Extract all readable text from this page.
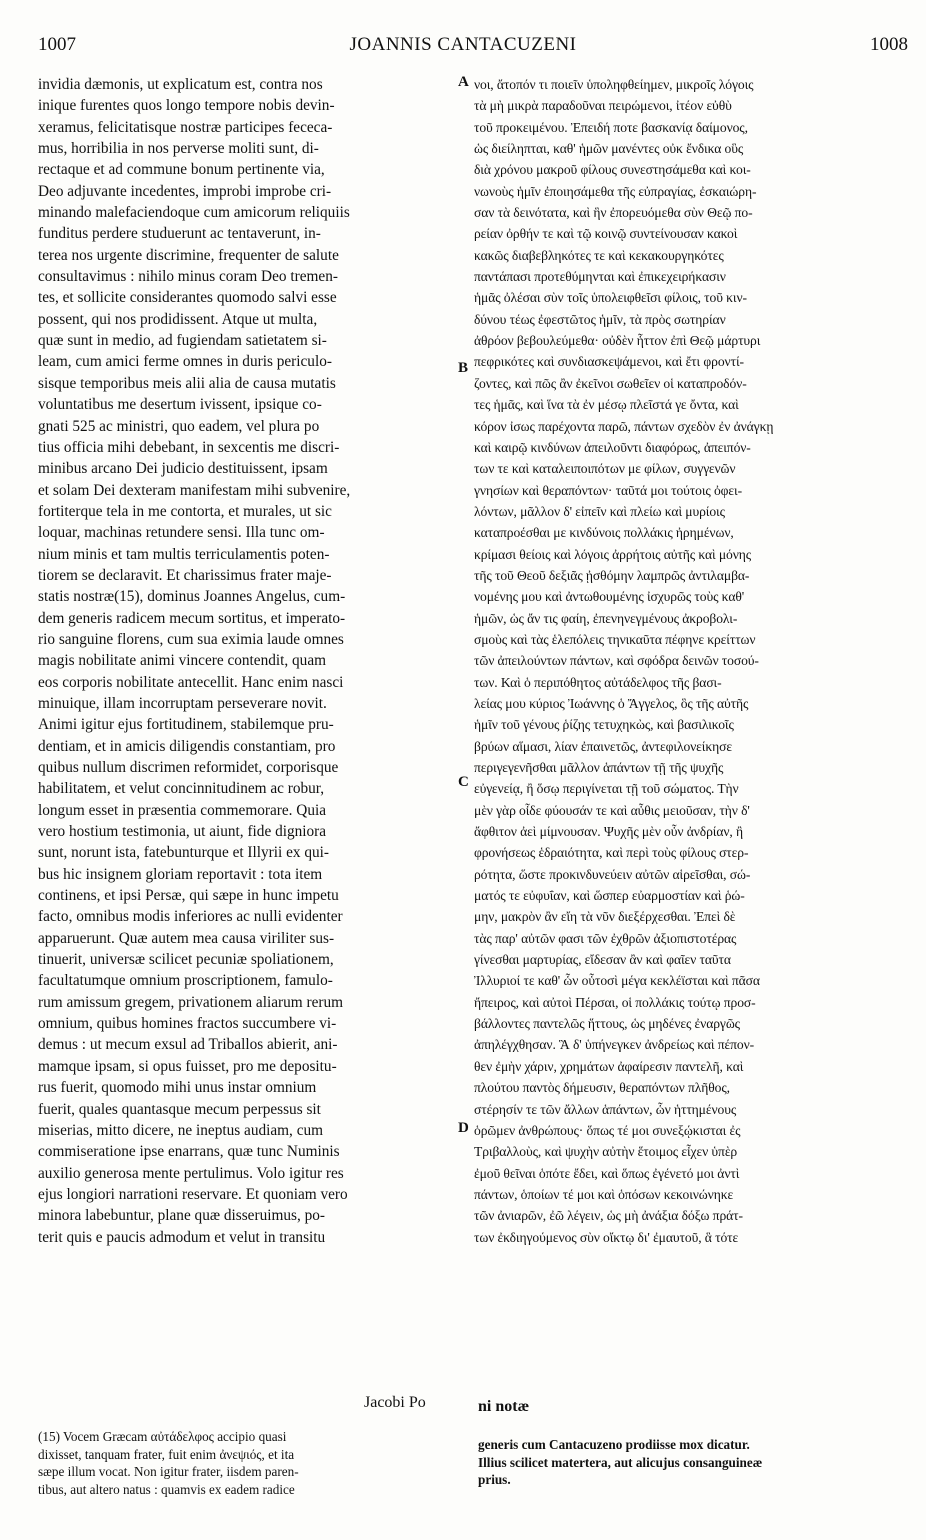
1007	JOANNIS CANTACUZENI	1008
A
B
C
D
invidia dæmonis, ut explicatum est, contra nos
inique furentes quos longo tempore nobis devin-
xeramus, felicitatisque nostræ participes fececa-
mus, horribilia in nos perverse moliti sunt, di-
rectaque et ad commune bonum pertinente via,
Deo adjuvante incedentes, improbi improbe cri-
minando malefaciendoque cum amicorum reliquiis
funditus perdere studuerunt ac tentaverunt, in-
terea nos urgente discrimine, frequenter de salute
consultavimus : nihilo minus coram Deo tremen-
tes, et sollicite considerantes quomodo salvi esse
possent, qui nos prodidissent. Atque ut multa,
quæ sunt in medio, ad fugiendam satietatem si-
leam, cum amici ferme omnes in duris periculo-
sisque temporibus meis alii alia de causa mutatis
voluntatibus me desertum ivissent, ipsique co-
gnati 525 ac ministri, quo eadem, vel plura po
tius officia mihi debebant, in sexcentis me discri-
minibus arcano Dei judicio destituissent, ipsam
et solam Dei dexteram manifestam mihi subvenire,
fortiterque tela in me contorta, et murales, ut sic
loquar, machinas retundere sensi. Illa tunc om-
nium minis et tam multis terriculamentis poten-
tiorem se declaravit. Et charissimus frater maje-
statis nostræ(15), dominus Joannes Angelus, cum-
dem generis radicem mecum sortitus, et imperato-
rio sanguine florens, cum sua eximia laude omnes
magis nobilitate animi vincere contendit, quam
eos corporis nobilitate antecellit. Hanc enim nasci
minuique, illam incorruptam perseverare novit.
Animi igitur ejus fortitudinem, stabilemque pru-
dentiam, et in amicis diligendis constantiam, pro
quibus nullum discrimen reformidet, corporisque
habilitatem, et velut concinnitudinem ac robur,
longum esset in præsentia commemorare. Quia
vero hostium testimonia, ut aiunt, fide digniora
sunt, norunt ista, fatebunturque et Illyrii ex qui-
bus hic insignem gloriam reportavit : tota item
continens, et ipsi Persæ, qui sæpe in hunc impetu
facto, omnibus modis inferiores ac nulli evidenter
apparuerunt. Quæ autem mea causa viriliter sus-
tinuerit, universæ scilicet pecuniæ spoliationem,
facultatumque omnium proscriptionem, famulo-
rum amissum gregem, privationem aliarum rerum
omnium, quibus homines fractos succumbere vi-
demus : ut mecum exsul ad Triballos abierit, ani-
mamque ipsam, si opus fuisset, pro me depositu-
rus fuerit, quomodo mihi unus instar omnium
fuerit, quales quantasque mecum perpessus sit
miserias, mitto dicere, ne ineptus audiam, cum
commiseratione ipse enarrans, quæ tunc Numinis
auxilio generosa mente pertulimus. Volo igitur res
ejus longiori narrationi reservare. Et quoniam vero
minora labebuntur, plane quæ disseruimus, po-
terit quis e paucis admodum et velut in transitu
νοι, ἄτοπόν τι ποιεῖν ὑποληφθείημεν, μικροῖς λόγοις
τὰ μὴ μικρὰ παραδοῦναι πειρώμενοι, ἰτέον εὐθὺ
τοῦ προκειμένου. Ἐπειδή ποτε βασκανίᾳ δαίμονος,
ὡς διείληπται, καθ' ἡμῶν μανέντες οὐκ ἔνδικα οὓς
διὰ χρόνου μακροῦ φίλους συνεστησάμεθα καὶ κοι-
νωνοὺς ἡμῖν ἐποιησάμεθα τῆς εὐπραγίας, ἐσκαιώρη-
σαν τὰ δεινότατα, καὶ ἣν ἐπορευόμεθα σὺν Θεῷ πο-
ρείαν ὀρθήν τε καὶ τῷ κοινῷ συντείνουσαν κακοὶ
κακῶς διαβεβληκότες τε καὶ κεκακουργηκότες
παντάπασι προτεθύμηνται καὶ ἐπικεχειρήκασιν
ἡμᾶς ὀλέσαι σὺν τοῖς ὑπολειφθεῖσι φίλοις, τοῦ κιν-
δύνου τέως ἐφεστῶτος ἡμῖν, τὰ πρὸς σωτηρίαν
ἀθρόον βεβουλεύμεθα· οὐδὲν ἧττον ἐπὶ Θεῷ μάρτυρι
πεφρικότες καὶ συνδιασκεψάμενοι, καὶ ἔτι φροντί-
ζοντες, καὶ πῶς ἂν ἐκεῖνοι σωθεῖεν οἱ καταπροδόν-
τες ἡμᾶς, καὶ ἵνα τὰ ἐν μέσῳ πλεῖστά γε ὄντα, καὶ
κόρον ἰσως παρέχοντα παρῶ, πάντων σχεδὸν ἐν ἀνάγκῃ
καὶ καιρῷ κινδύνων ἀπειλοῦντι διαφόρως, ἀπειπόν-
των τε καὶ καταλειποιπότων με φίλων, συγγενῶν
γνησίων καὶ θεραπόντων· ταῦτά μοι τούτοις ὀφει-
λόντων, μᾶλλον δ' εἰπεῖν καὶ πλείω καὶ μυρίοις
καταπροέσθαι με κινδύνοις πολλάκις ἠρημένων,
κρίμασι θείοις καὶ λόγοις ἀρρήτοις αὐτῆς καὶ μόνης
τῆς τοῦ Θεοῦ δεξιᾶς ᾐσθόμην λαμπρῶς ἀντιλαμβα-
νομένης μου καὶ ἀντωθουμένης ἰσχυρῶς τοὺς καθ'
ἡμῶν, ὡς ἄν τις φαίη, ἐπενηνεγμένους ἀκροβολι-
σμοὺς καὶ τὰς ἑλεπόλεις τηνικαῦτα πέφηνε κρείττων
τῶν ἀπειλούντων πάντων, καὶ σφόδρα δεινῶν τοσού-
των. Καὶ ὁ περιπόθητος αὐτάδελφος τῆς βασι-
λείας μου κύριος Ἰωάννης ὁ Ἄγγελος, ὃς τῆς αὐτῆς
ἡμῖν τοῦ γένους ῥίζης τετυχηκὼς, καὶ βασιλικοῖς
βρύων αἵμασι, λίαν ἐπαινετῶς, ἀντεφιλονείκησε
περιγεγενῆσθαι μᾶλλον ἁπάντων τῇ τῆς ψυχῆς
εὐγενείᾳ, ἢ ὅσῳ περιγίνεται τῇ τοῦ σώματος. Τὴν
μὲν γὰρ οἶδε φύουσάν τε καὶ αὖθις μειοῦσαν, τὴν δ'
ἄφθιτον ἀεὶ μίμνουσαν. Ψυχῆς μὲν οὖν ἀνδρίαν, ἢ
φρονήσεως ἑδραιότητα, καὶ περὶ τοὺς φίλους στερ-
ρότητα, ὥστε προκινδυνεύειν αὐτῶν αἱρεῖσθαι, σώ-
ματός τε εὐφυΐαν, καὶ ὥσπερ εὐαρμοστίαν καὶ ῥώ-
μην, μακρὸν ἂν εἴη τὰ νῦν διεξέρχεσθαι. Ἐπεὶ δὲ
τὰς παρ' αὐτῶν φασι τῶν ἐχθρῶν ἀξιοπιστοτέρας
γίνεσθαι μαρτυρίας, εἴδεσαν ἂν καὶ φαῖεν ταῦτα
Ἰλλυριοί τε καθ' ὧν οὗτοσὶ μέγα κεκλέϊσται καὶ πᾶσα
ἤπειρος, καὶ αὐτοὶ Πέρσαι, οἱ πολλάκις τούτῳ προσ-
βάλλοντες παντελῶς ἥττους, ὡς μηδένες ἐναργῶς
ἀπηλέγχθησαν. Ἃ δ' ὑπήνεγκεν ἀνδρείως καὶ πέπον-
θεν ἐμὴν χάριν, χρημάτων ἀφαίρεσιν παντελῆ, καὶ
πλούτου παντὸς δήμευσιν, θεραπόντων πλῆθος,
στέρησίν τε τῶν ἄλλων ἁπάντων, ὧν ἡττημένους
ὁρῶμεν ἀνθρώπους· ὅπως τέ μοι συνεξῴκισται ἐς
Τριβαλλοὺς, καὶ ψυχὴν αὐτὴν ἕτοιμος εἶχεν ὑπὲρ
ἐμοῦ θεῖναι ὁπότε ἔδει, καὶ ὅπως ἐγένετό μοι ἀντὶ
πάντων, ὁποίων τέ μοι καὶ ὁπόσων κεκοινώνηκε
τῶν ἀνιαρῶν, ἐῶ λέγειν, ὡς μὴ ἀνάξια δόξω πράτ-
των ἐκδιηγούμενος σὺν οἴκτῳ δι' ἐμαυτοῦ, ἃ τότε
Jacobi Po	ni notæ
(15) Vocem Græcam αὐτάδελφος accipio quasi
dixisset, tanquam frater, fuit enim ἀνεψιός, et ita
sæpe illum vocat. Non igitur frater, iisdem paren-
tibus, aut altero natus : quamvis ex eadem radice
generis cum Cantacuzeno prodiisse mox dicatur.
Illius scilicet matertera, aut alicujus consanguineæ
prius.
